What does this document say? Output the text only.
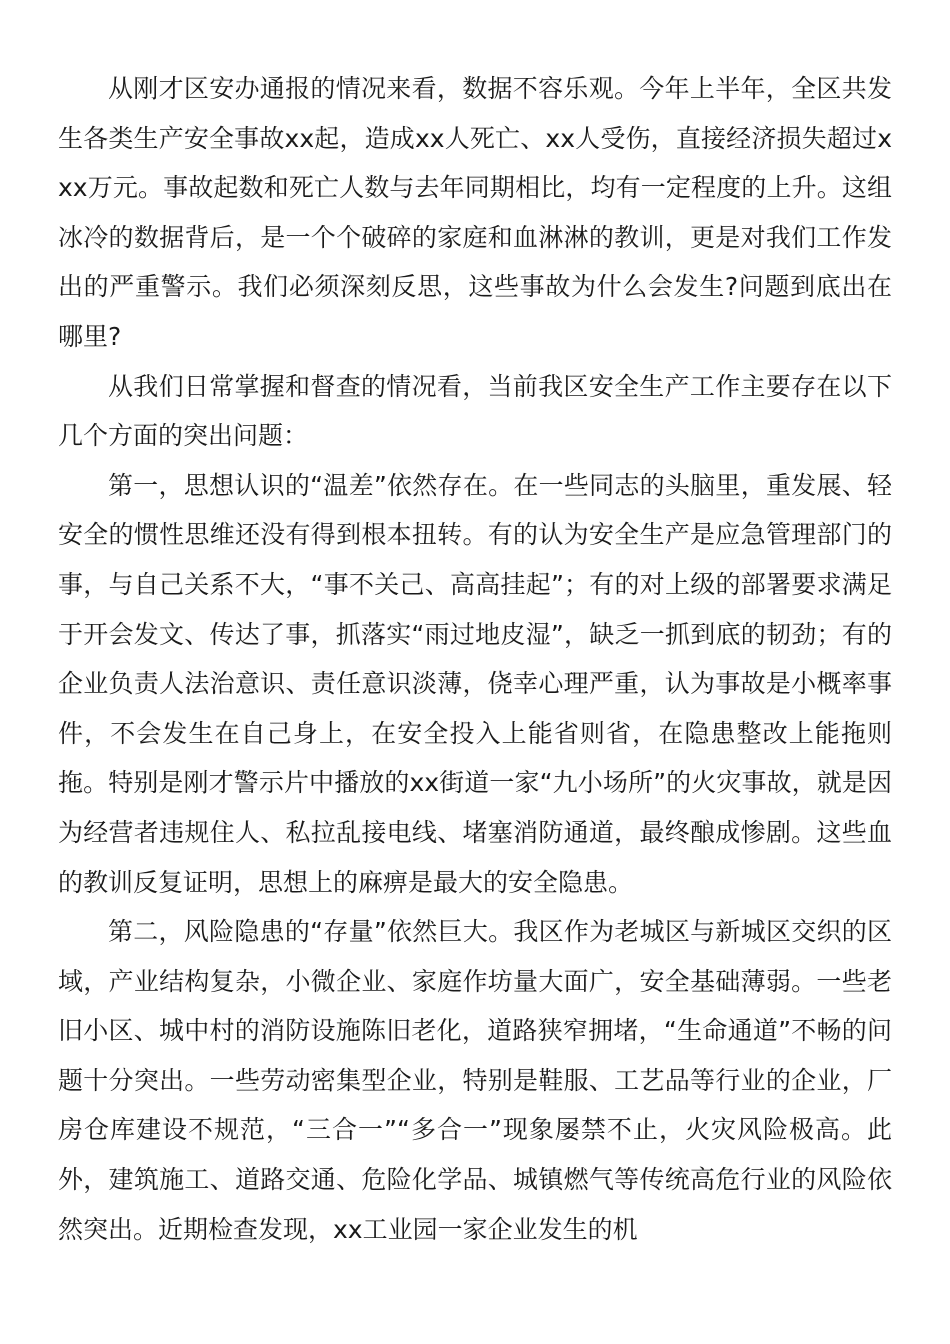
从刚才区安办通报的情况来看，数据不容乐观。今年上半年，全区共发生各类生产安全事故xx起，造成xx人死亡、xx人受伤，直接经济损失超过xxx万元。事故起数和死亡人数与去年同期相比，均有一定程度的上升。这组冰冷的数据背后，是一个个破碎的家庭和血淋淋的教训，更是对我们工作发出的严重警示。我们必须深刻反思，这些事故为什么会发生?问题到底出在哪里?

从我们日常掌握和督查的情况看，当前我区安全生产工作主要存在以下几个方面的突出问题：

第一，思想认识的“温差”依然存在。在一些同志的头脑里，重发展、轻安全的惯性思维还没有得到根本扭转。有的认为安全生产是应急管理部门的事，与自己关系不大，“事不关己、高高挂起”；有的对上级的部署要求满足于开会发文、传达了事，抓落实“雨过地皮湿”，缺乏一抓到底的韧劲；有的企业负责人法治意识、责任意识淡薄，侥幸心理严重，认为事故是小概率事件，不会发生在自己身上，在安全投入上能省则省，在隐患整改上能拖则拖。特别是刚才警示片中播放的xx街道一家“九小场所”的火灾事故，就是因为经营者违规住人、私拉乱接电线、堵塞消防通道，最终酿成惨剧。这些血的教训反复证明，思想上的麻痹是最大的安全隐患。

第二，风险隐患的“存量”依然巨大。我区作为老城区与新城区交织的区域，产业结构复杂，小微企业、家庭作坊量大面广，安全基础薄弱。一些老旧小区、城中村的消防设施陈旧老化，道路狭窄拥堵，“生命通道”不畅的问题十分突出。一些劳动密集型企业，特别是鞋服、工艺品等行业的企业，厂房仓库建设不规范，“三合一”“多合一”现象屡禁不止，火灾风险极高。此外，建筑施工、道路交通、危险化学品、城镇燃气等传统高危行业的风险依然突出。近期检查发现，xx工业园一家企业发生的机
